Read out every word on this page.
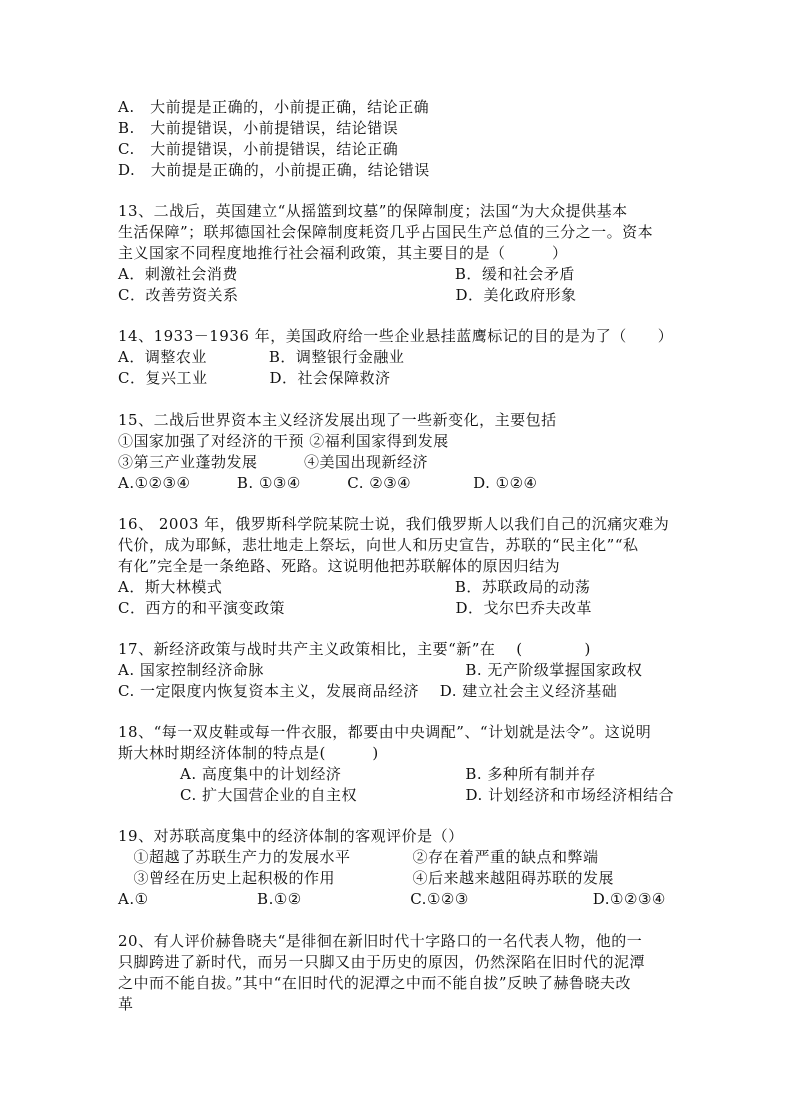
A.　大前提是正确的，小前提正确，结论正确
B.　大前提错误，小前提错误，结论错误
C.　大前提错误，小前提错误，结论正确
D.　大前提是正确的，小前提正确，结论错误
13、二战后，英国建立“从摇篮到坟墓”的保障制度；法国“为大众提供基本
生活保障”；联邦德国社会保障制度耗资几乎占国民生产总值的三分之一。资本
主义国家不同程度地推行社会福利政策，其主要目的是（　　　）
A．刺激社会消费　　　　　　　　　　　　　　B．缓和社会矛盾
C．改善劳资关系　　　　　　　　　　　　　　D．美化政府形象
14、1933－1936 年，美国政府给一些企业悬挂蓝鹰标记的目的是为了（　　）
A．调整农业　　　　B．调整银行金融业
C．复兴工业　　　　D．社会保障救济
15、二战后世界资本主义经济发展出现了一些新变化，主要包括
①国家加强了对经济的干预 ②福利国家得到发展
③第三产业蓬勃发展　　　④美国出现新经济
A.①②③④　　　B. ①③④　　　C. ②③④　　　　D. ①②④
16、 2003 年，俄罗斯科学院某院士说，我们俄罗斯人以我们自己的沉痛灾难为
代价，成为耶稣，悲壮地走上祭坛，向世人和历史宣告，苏联的“民主化”“私
有化”完全是一条绝路、死路。这说明他把苏联解体的原因归结为
A．斯大林模式　　　　　　　　　　　　　　　B．苏联政局的动荡
C．西方的和平演变政策　　　　　　　　　　　D．戈尔巴乔夫改革
17、新经济政策与战时共产主义政策相比，主要“新”在　 (　　　　)
A. 国家控制经济命脉　　　　　　　　　　　　　B. 无产阶级掌握国家政权
C. 一定限度内恢复资本主义，发展商品经济　 D. 建立社会主义经济基础
18、“每一双皮鞋或每一件衣服，都要由中央调配”、“计划就是法令”。这说明
斯大林时期经济体制的特点是(　　　)
　　　　A. 高度集中的计划经济　　　　　　　　B. 多种所有制并存
　　　　C. 扩大国营企业的自主权　　　　　　　D. 计划经济和市场经济相结合
19、对苏联高度集中的经济体制的客观评价是（）
　①超越了苏联生产力的发展水平　　　　②存在着严重的缺点和弊端
　③曾经在历史上起积极的作用　　　　　④后来越来越阻碍苏联的发展
A.①　　　　　　　B.①②　　　　　　　C.①②③　　　　　　　　D.①②③④
20、有人评价赫鲁晓夫“是徘徊在新旧时代十字路口的一名代表人物，他的一
只脚跨进了新时代，而另一只脚又由于历史的原因，仍然深陷在旧时代的泥潭
之中而不能自拔。”其中“在旧时代的泥潭之中而不能自拔”反映了赫鲁晓夫改
革
